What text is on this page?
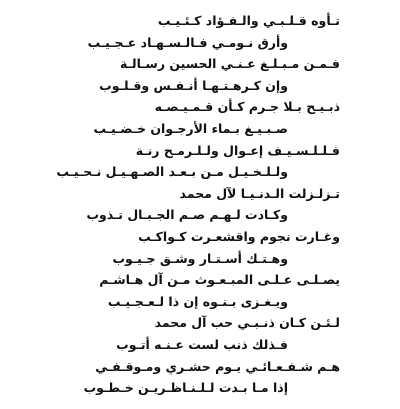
تـأوه قـلـبـي والـفـؤاد كـئـيـب
وأرق نـومـي فـالـسـهـاد عـجـيـب
فـمـن مـبـلـغ عـنـي الحسين رسـالـة
وإن كـرهـتـهـا أنـفـس وقـلـوب
ذبـيـح بـلا جـرم كـأن قـمـيـصـه
صـبـيـغ بـماء الأرجـوان خـضـيـب
فـلـلـسـيـف إعـوال ولـلـرمـح رنـة
ولـلـخـيـل مـن بـعـد الصـهـيـل نـحـيـب
تـزلـزلت الـدنـيـا لآل محمد
وكـادت لـهـم صـم الجـبـال تـذوب
وغـارت نجوم واقشعـرت كـواكـب
وهـتـك أسـتـار وشـق جـيـوب
يصـلـى عـلـى المبـعـوث مـن آل هـاشـم
ويـغـزى بـنـوه إن ذا لـعـجـيـب
لـئـن كـان ذنـبـي حب آل محمد
فـذلك ذنب لست عـنـه أتـوب
هـم شـفـعـائـي يـوم حشـري ومـوقـفـي
إذا مـا بـدت لـلـنـاظـريـن خـطـوب
